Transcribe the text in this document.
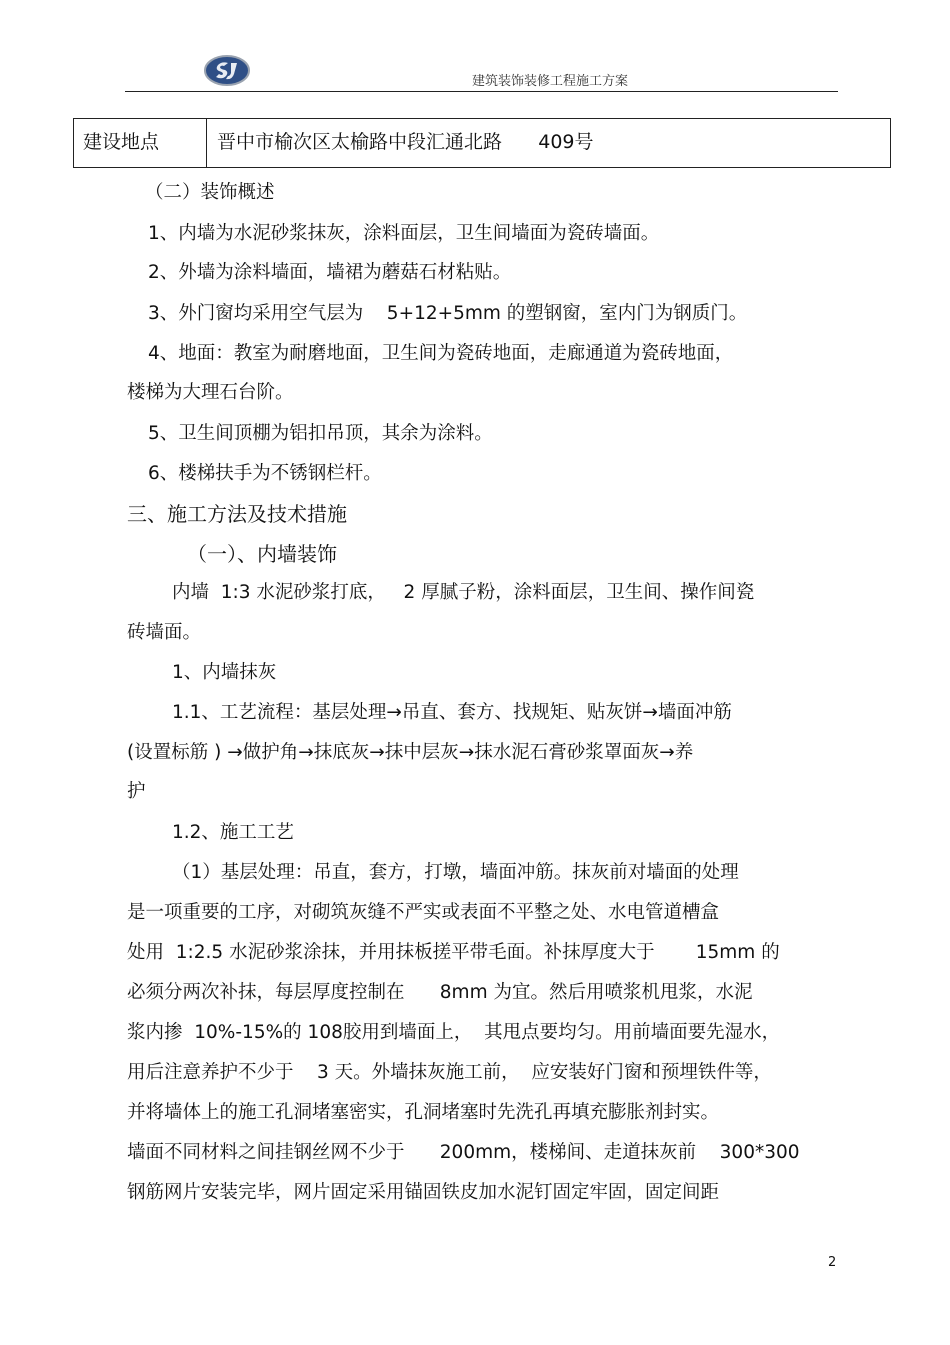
建筑装饰装修工程施工方案
建设地点	晋中市榆次区太榆路中段汇通北路      409号
（二）装饰概述
1、内墙为水泥砂浆抹灰，涂料面层，卫生间墙面为瓷砖墙面。
2、外墙为涂料墙面，墙裙为蘑菇石材粘贴。
3、外门窗均采用空气层为    5+12+5mm 的塑钢窗，室内门为钢质门。
4、地面：教室为耐磨地面，卫生间为瓷砖地面，走廊通道为瓷砖地面，
楼梯为大理石台阶。
5、卫生间顶棚为铝扣吊顶，其余为涂料。
6、楼梯扶手为不锈钢栏杆。
三、施工方法及技术措施
（一）、内墙装饰
内墙  1:3 水泥砂浆打底，   2 厚腻子粉，涂料面层，卫生间、操作间瓷
砖墙面。
1、内墙抹灰
1.1、工艺流程：基层处理→吊直、套方、找规矩、贴灰饼→墙面冲筋
(设置标筋 ) →做护角→抹底灰→抹中层灰→抹水泥石膏砂浆罩面灰→养
护
1.2、施工工艺
（1）基层处理：吊直，套方，打墩，墙面冲筋。抹灰前对墙面的处理
是一项重要的工序，对砌筑灰缝不严实或表面不平整之处、水电管道槽盒
处用  1:2.5 水泥砂浆涂抹，并用抹板搓平带毛面。补抹厚度大于       15mm 的
必须分两次补抹，每层厚度控制在      8mm 为宜。然后用喷浆机甩浆，水泥
浆内掺  10%-15%的 108胶用到墙面上，  其甩点要均匀。用前墙面要先湿水，
用后注意养护不少于    3 天。外墙抹灰施工前，  应安装好门窗和预埋铁件等，
并将墙体上的施工孔洞堵塞密实，孔洞堵塞时先洗孔再填充膨胀剂封实。
墙面不同材料之间挂钢丝网不少于      200mm，楼梯间、走道抹灰前    300*300
钢筋网片安装完毕，网片固定采用锚固铁皮加水泥钉固定牢固，固定间距
2
